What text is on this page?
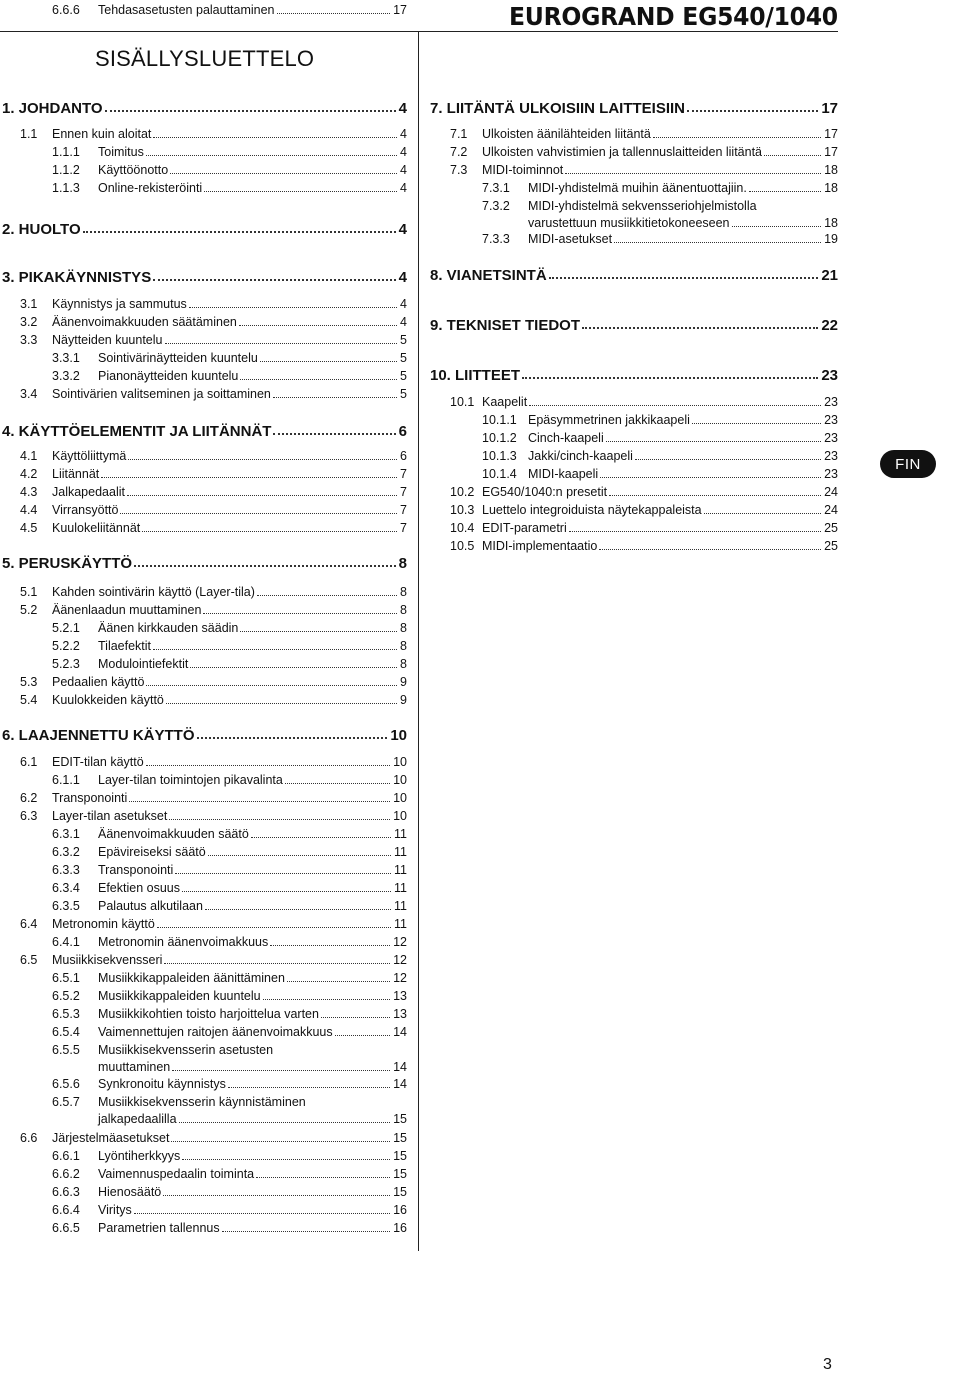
EUROGRAND EG540/1040
SISÄLLYSLUETTELO
1. JOHDANTO	4
1.1 Ennen kuin aloitat	4
1.1.1 Toimitus	4
1.1.2 Käyttöönotto	4
1.1.3 Online-rekisteröinti	4
2. HUOLTO	4
3. PIKAKÄYNNISTYS	4
3.1 Käynnistys ja sammutus	4
3.2 Äänenvoimakkuuden säätäminen	4
3.3 Näytteiden kuuntelu	5
3.3.1 Sointivärinäytteiden kuuntelu	5
3.3.2 Pianonäytteiden kuuntelu	5
3.4 Sointivärien valitseminen ja soittaminen	5
4. KÄYTTÖELEMENTIT JA LIITÄNNÄT	6
4.1 Käyttöliittymä	6
4.2 Liitännät	7
4.3 Jalkapedaalit	7
4.4 Virransyöttö	7
4.5 Kuulokeliitännät	7
5. PERUSKÄYTTÖ	8
5.1 Kahden sointivärin käyttö (Layer-tila)	8
5.2 Äänenlaadun muuttaminen	8
5.2.1 Äänen kirkkauden säädin	8
5.2.2 Tilaefektit	8
5.2.3 Modulointiefektit	8
5.3 Pedaalien käyttö	9
5.4 Kuulokkeiden käyttö	9
6. LAAJENNETTU KÄYTTÖ	10
6.1 EDIT-tilan käyttö	10
6.1.1 Layer-tilan toimintojen pikavalinta	10
6.2 Transponointi	10
6.3 Layer-tilan asetukset	10
6.3.1 Äänenvoimakkuuden säätö	11
6.3.2 Epävireiseksi säätö	11
6.3.3 Transponointi	11
6.3.4 Efektien osuus	11
6.3.5 Palautus alkutilaan	11
6.4 Metronomin käyttö	11
6.4.1 Metronomin äänenvoimakkuus	12
6.5 Musiikkisekvensseri	12
6.5.1 Musiikkikappaleiden äänittäminen	12
6.5.2 Musiikkikappaleiden kuuntelu	13
6.5.3 Musiikkikohtien toisto harjoittelua varten	13
6.5.4 Vaimennettujen raitojen äänenvoimakkuus	14
6.5.5 Musiikkisekvensserin asetusten
muuttaminen	14
6.5.6 Synkronoitu käynnistys	14
6.5.7 Musiikkisekvensserin käynnistäminen
jalkapedaalilla	15
6.6 Järjestelmäasetukset	15
6.6.1 Lyöntiherkkyys	15
6.6.2 Vaimennuspedaalin toiminta	15
6.6.3 Hienosäätö	15
6.6.4 Viritys	16
6.6.5 Parametrien tallennus	16
6.6.6 Tehdasasetusten palauttaminen	17
7. LIITÄNTÄ ULKOISIIN LAITTEISIIN	17
7.1 Ulkoisten äänilähteiden liitäntä	17
7.2 Ulkoisten vahvistimien ja tallennuslaitteiden liitäntä	17
7.3 MIDI-toiminnot	18
7.3.1 MIDI-yhdistelmä muihin äänentuottajiin.	18
7.3.2 MIDI-yhdistelmä sekvensseriohjelmistolla
varustettuun musiikkitietokoneeseen	18
7.3.3 MIDI-asetukset	19
8. VIANETSINTÄ	21
9. TEKNISET TIEDOT	22
10. LIITTEET	23
10.1 Kaapelit	23
10.1.1 Epäsymmetrinen jakkikaapeli	23
10.1.2 Cinch-kaapeli	23
10.1.3 Jakki/cinch-kaapeli	23
10.1.4 MIDI-kaapeli	23
10.2 EG540/1040:n presetit	24
10.3 Luettelo integroiduista näytekappaleista	24
10.4 EDIT-parametri	25
10.5 MIDI-implementaatio	25
FIN
3
